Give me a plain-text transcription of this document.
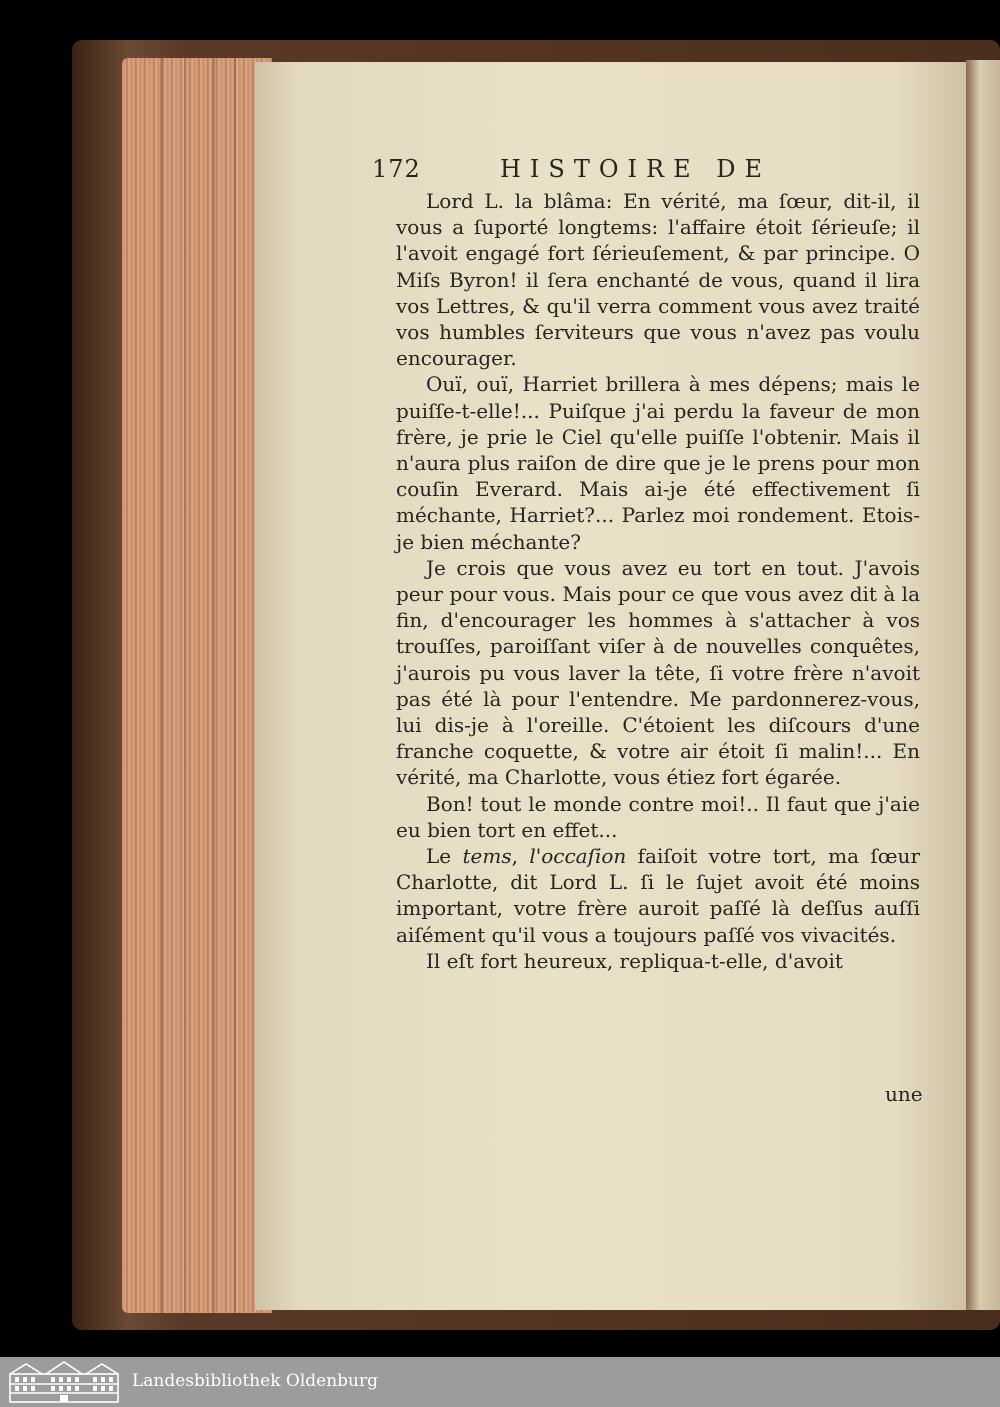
172	HISTOIRE DE

Lord L. la blâma: En vérité, ma ſœur, dit-il, il vous a ſuporté longtems: l'affaire étoit ſérieuſe; il l'avoit engagé fort ſérieuſement, & par principe. O Miſs Byron! il ſera enchanté de vous, quand il lira vos Lettres, & qu'il verra comment vous avez traité vos humbles ſerviteurs que vous n'avez pas voulu encourager.

Ouï, ouï, Harriet brillera à mes dépens; mais le puiſſe-t-elle!... Puiſque j'ai perdu la faveur de mon frère, je prie le Ciel qu'elle puiſſe l'obtenir. Mais il n'aura plus raiſon de dire que je le prens pour mon couſin Everard. Mais ai-je été effectivement ſi méchante, Harriet?... Parlez moi rondement. Etois-je bien méchante?

Je crois que vous avez eu tort en tout. J'avois peur pour vous. Mais pour ce que vous avez dit à la fin, d'encourager les hommes à s'attacher à vos trouſſes, paroiſſant viſer à de nouvelles conquêtes, j'aurois pu vous laver la tête, ſi votre frère n'avoit pas été là pour l'entendre. Me pardonnerez-vous, lui dis-je à l'oreille. C'étoient les diſcours d'une franche coquette, & votre air étoit ſi malin!... En vérité, ma Charlotte, vous étiez fort égarée.

Bon! tout le monde contre moi!.. Il faut que j'aie eu bien tort en effet...

Le tems, l'occaſion faiſoit votre tort, ma ſœur Charlotte, dit Lord L. ſi le ſujet avoit été moins important, votre frère auroit paſſé là deſſus auſſi aiſément qu'il vous a toujours paſſé vos vivacités.

Il eſt fort heureux, repliqua-t-elle, d'avoit

une
Landesbibliothek Oldenburg
